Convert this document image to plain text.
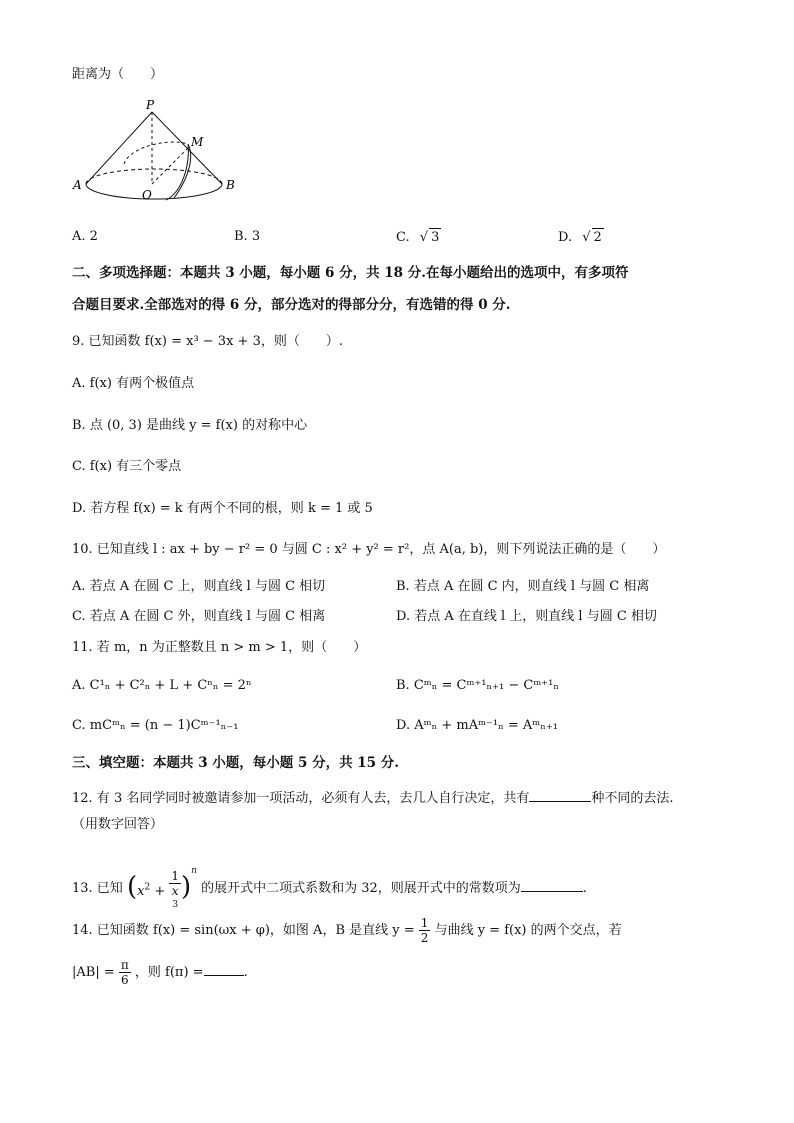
距离为（　　）
P
M
A
O
B
A. 2	B. 3	C. √ 3	D. √ 2
二、多项选择题：本题共 3 小题，每小题 6 分，共 18 分.在每小题给出的选项中，有多项符
合题目要求.全部选对的得 6 分，部分选对的得部分分，有选错的得 0 分.
9. 已知函数 f(x) = x³ − 3x + 3，则（　　）.
A. f(x) 有两个极值点
B. 点 (0, 3) 是曲线 y = f(x) 的对称中心
C. f(x) 有三个零点
D. 若方程 f(x) = k 有两个不同的根，则 k = 1 或 5
10. 已知直线 l : ax + by − r² = 0 与圆 C : x² + y² = r²，点 A(a, b)，则下列说法正确的是（　　）
A. 若点 A 在圆 C 上，则直线 l 与圆 C 相切	B. 若点 A 在圆 C 内，则直线 l 与圆 C 相离
C. 若点 A 在圆 C 外，则直线 l 与圆 C 相离	D. 若点 A 在直线 l 上，则直线 l 与圆 C 相切
11. 若 m，n 为正整数且 n > m > 1，则（　　）
A. C¹ₙ + C²ₙ + L + Cⁿₙ = 2ⁿ	B. Cᵐₙ = Cᵐ⁺¹ₙ₊₁ − Cᵐ⁺¹ₙ
C. mCᵐₙ = (n − 1)Cᵐ⁻¹ₙ₋₁	D. Aᵐₙ + mAᵐ⁻¹ₙ = Aᵐₙ₊₁
三、填空题：本题共 3 小题，每小题 5 分，共 15 分.
12. 有 3 名同学同时被邀请参加一项活动，必须有人去，去几人自行决定，共有	种不同的去法.
（用数字回答）
13. 已知 ($x^2 + 1$
x
$^3$ )$^n$ 的展开式中二项式系数和为 32，则展开式中的常数项为	.
14. 已知函数 f(x) = sin(ωx + φ)，如图 A，B 是直线 $y = \frac{1}{2}$ 与曲线 y = f(x) 的两个交点，若
$|AB| = \frac{\pi}{6}$ ，则 f(π) =	.
